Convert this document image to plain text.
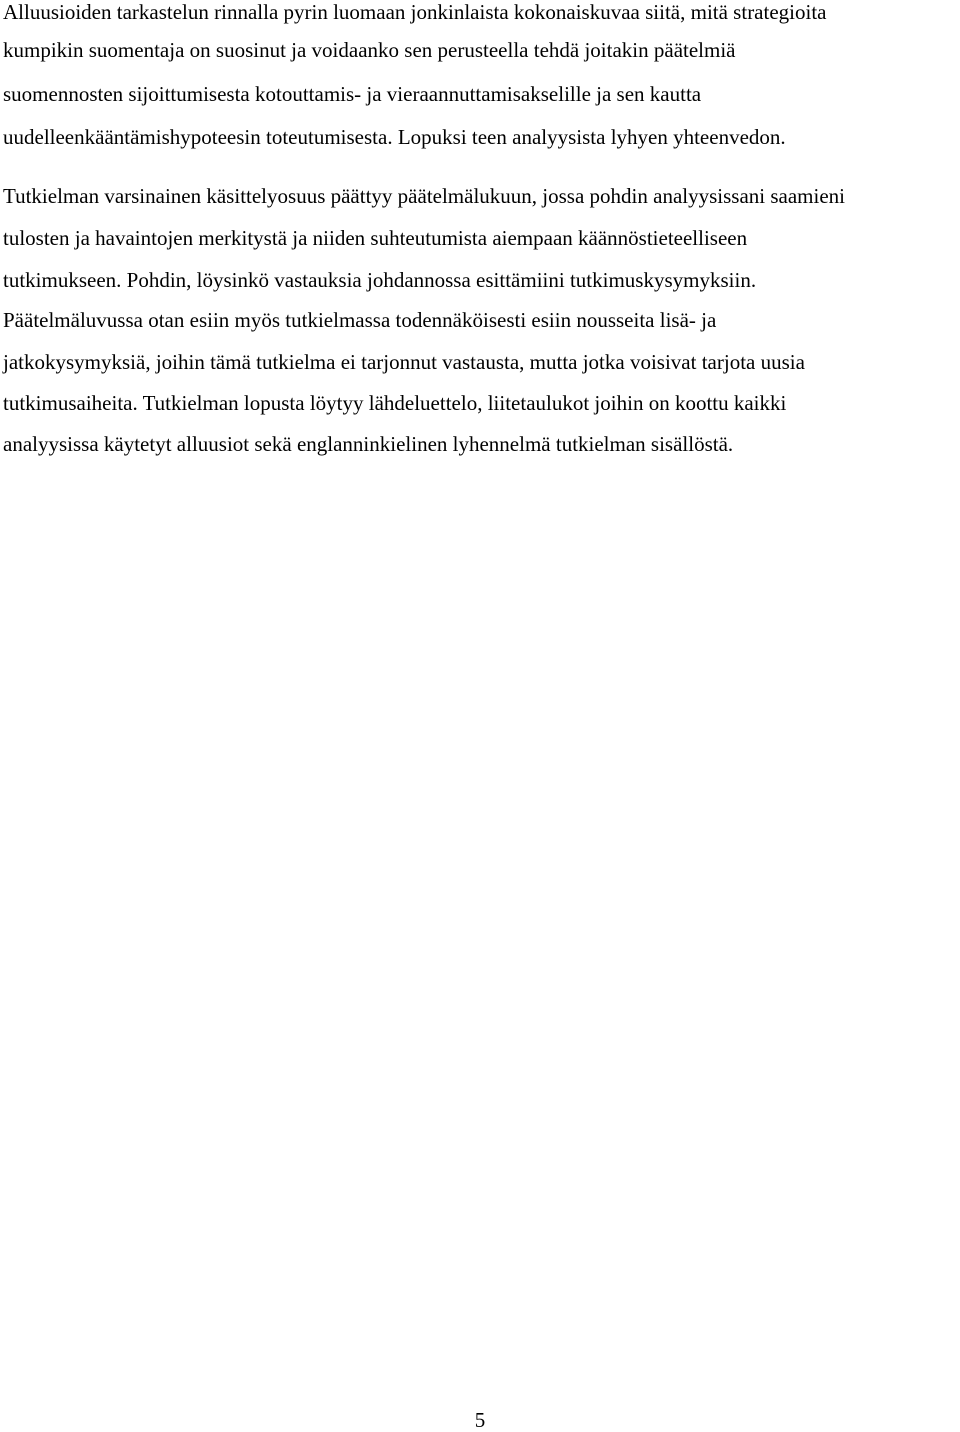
Alluusioiden tarkastelun rinnalla pyrin luomaan jonkinlaista kokonaiskuvaa siitä, mitä strategioita
kumpikin suomentaja on suosinut ja voidaanko sen perusteella tehdä joitakin päätelmiä
suomennosten sijoittumisesta kotouttamis- ja vieraannuttamisakselille ja sen kautta
uudelleenkääntämishypoteesin toteutumisesta. Lopuksi teen analyysista lyhyen yhteenvedon.
Tutkielman varsinainen käsittelyosuus päättyy päätelmälukuun, jossa pohdin analyysissani saamieni
tulosten ja havaintojen merkitystä ja niiden suhteutumista aiempaan käännöstieteelliseen
tutkimukseen. Pohdin, löysinkö vastauksia johdannossa esittämiini tutkimuskysymyksiin.
Päätelmäluvussa otan esiin myös tutkielmassa todennäköisesti esiin nousseita lisä- ja
jatkokysymyksiä, joihin tämä tutkielma ei tarjonnut vastausta, mutta jotka voisivat tarjota uusia
tutkimusaiheita. Tutkielman lopusta löytyy lähdeluettelo, liitetaulukot joihin on koottu kaikki
analyysissa käytetyt alluusiot sekä englanninkielinen lyhennelmä tutkielman sisällöstä.
5
